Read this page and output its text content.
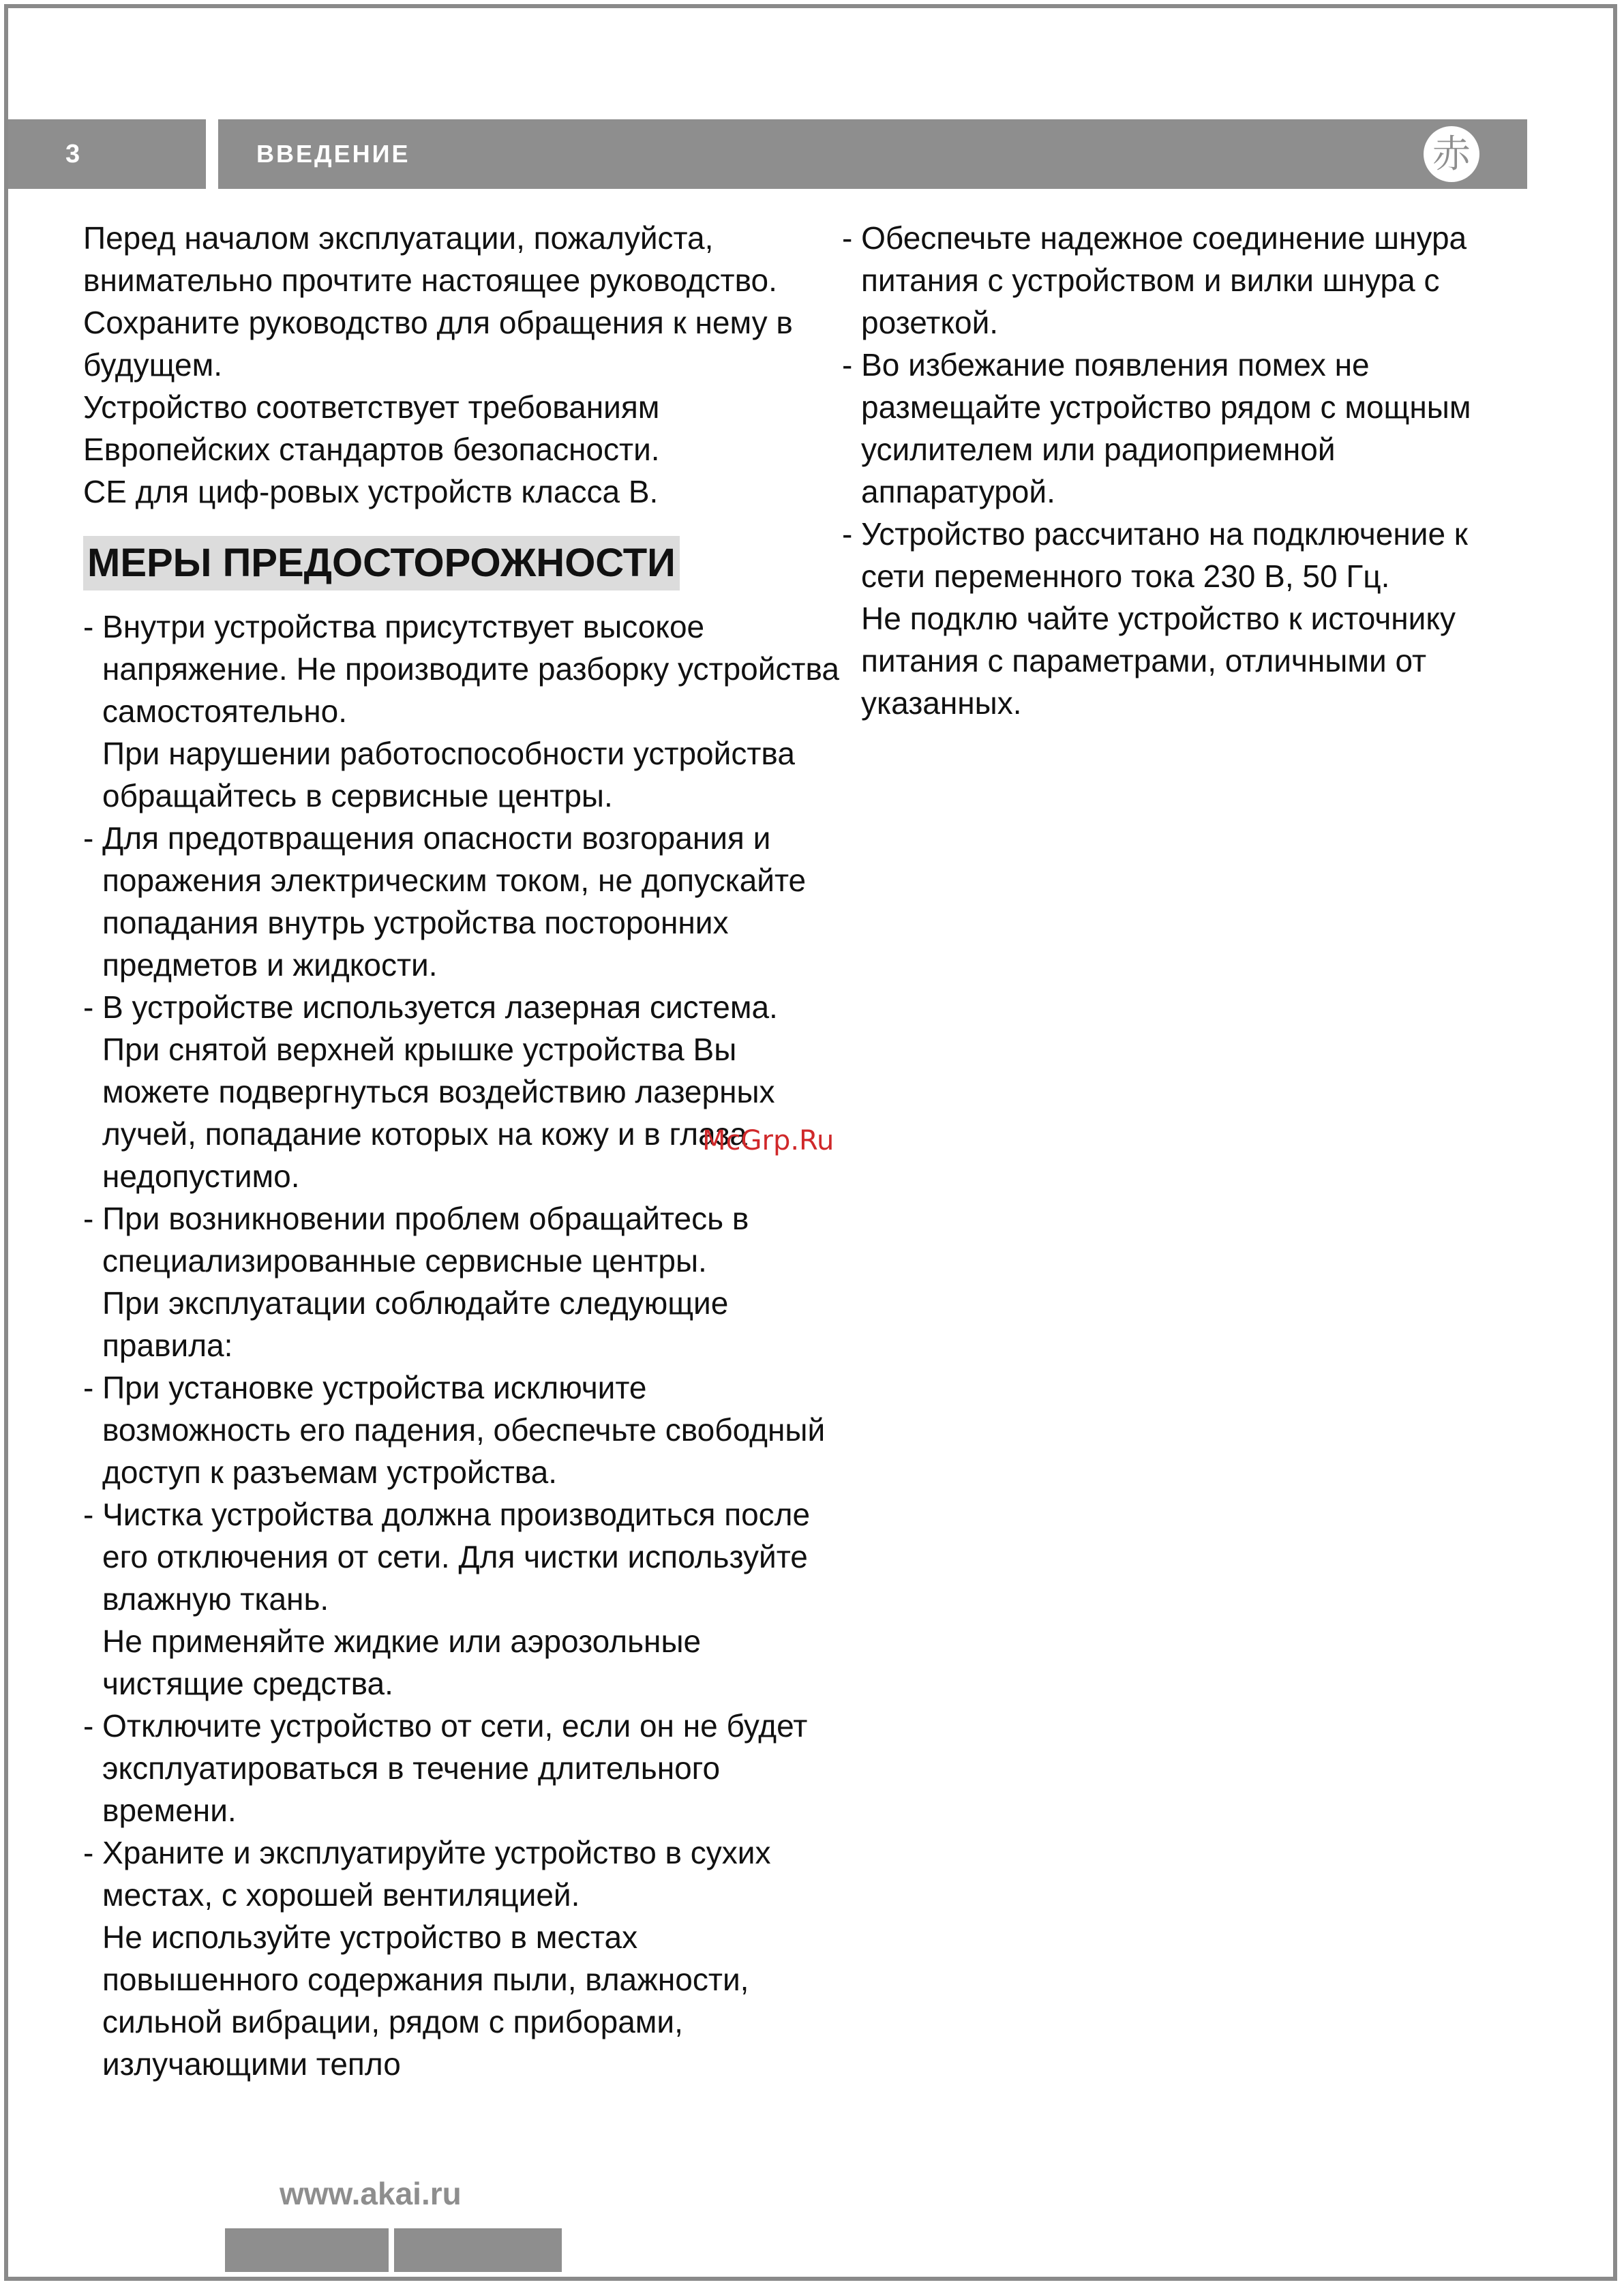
3	ВВЕДЕНИЕ	赤

Перед началом эксплуатации, пожалуйста, внимательно прочтите настоящее руководство.

Сохраните руководство для обращения к нему в будущем.

Устройство соответствует требованиям Европейских стандартов безопасности.

CE для циф-ровых устройств класса B.

МЕРЫ ПРЕДОСТОРОЖНОСТИ
- Внутри устройства присутствует высокое напряжение. Не производите разборку устройства самостоятельно.
При нарушении работоспособности устройства обращайтесь в сервисные центры.
- Для предотвращения опасности возгорания и поражения электрическим током, не допускайте попадания внутрь устройства посторонних предметов и жидкости.
- В устройстве используется лазерная система. При снятой верхней крышке устройства Вы можете подвергнуться воздействию лазерных лучей, попадание которых на кожу и в глаза недопустимо.
- При возникновении проблем обращайтесь в специализированные сервисные центры.
При эксплуатации соблюдайте следующие правила:
- При установке устройства исключите возможность его падения, обеспечьте свободный доступ к разъемам устройства.
- Чистка устройства должна производиться после его отключения от сети. Для чистки используйте влажную ткань.
Не применяйте жидкие или аэрозольные чистящие средства.
- Отключите устройство от сети, если он не будет эксплуатироваться в течение длительного времени.
- Храните и эксплуатируйте устройство в сухих местах, с хорошей вентиляцией.
Не используйте устройство в местах повышенного содержания пыли, влажности, сильной вибрации, рядом с приборами, излучающими тепло
- Обеспечьте надежное соединение шнура питания с устройством и вилки шнура с розеткой.
- Во избежание появления помех не размещайте устройство рядом с мощным усилителем или радиоприемной аппаратурой.
- Устройство рассчитано на подключение к сети переменного тока 230 В, 50 Гц.
Не подклю чайте устройство к источнику питания с параметрами, отличными от указанных.
McGrp.Ru
www.akai.ru
